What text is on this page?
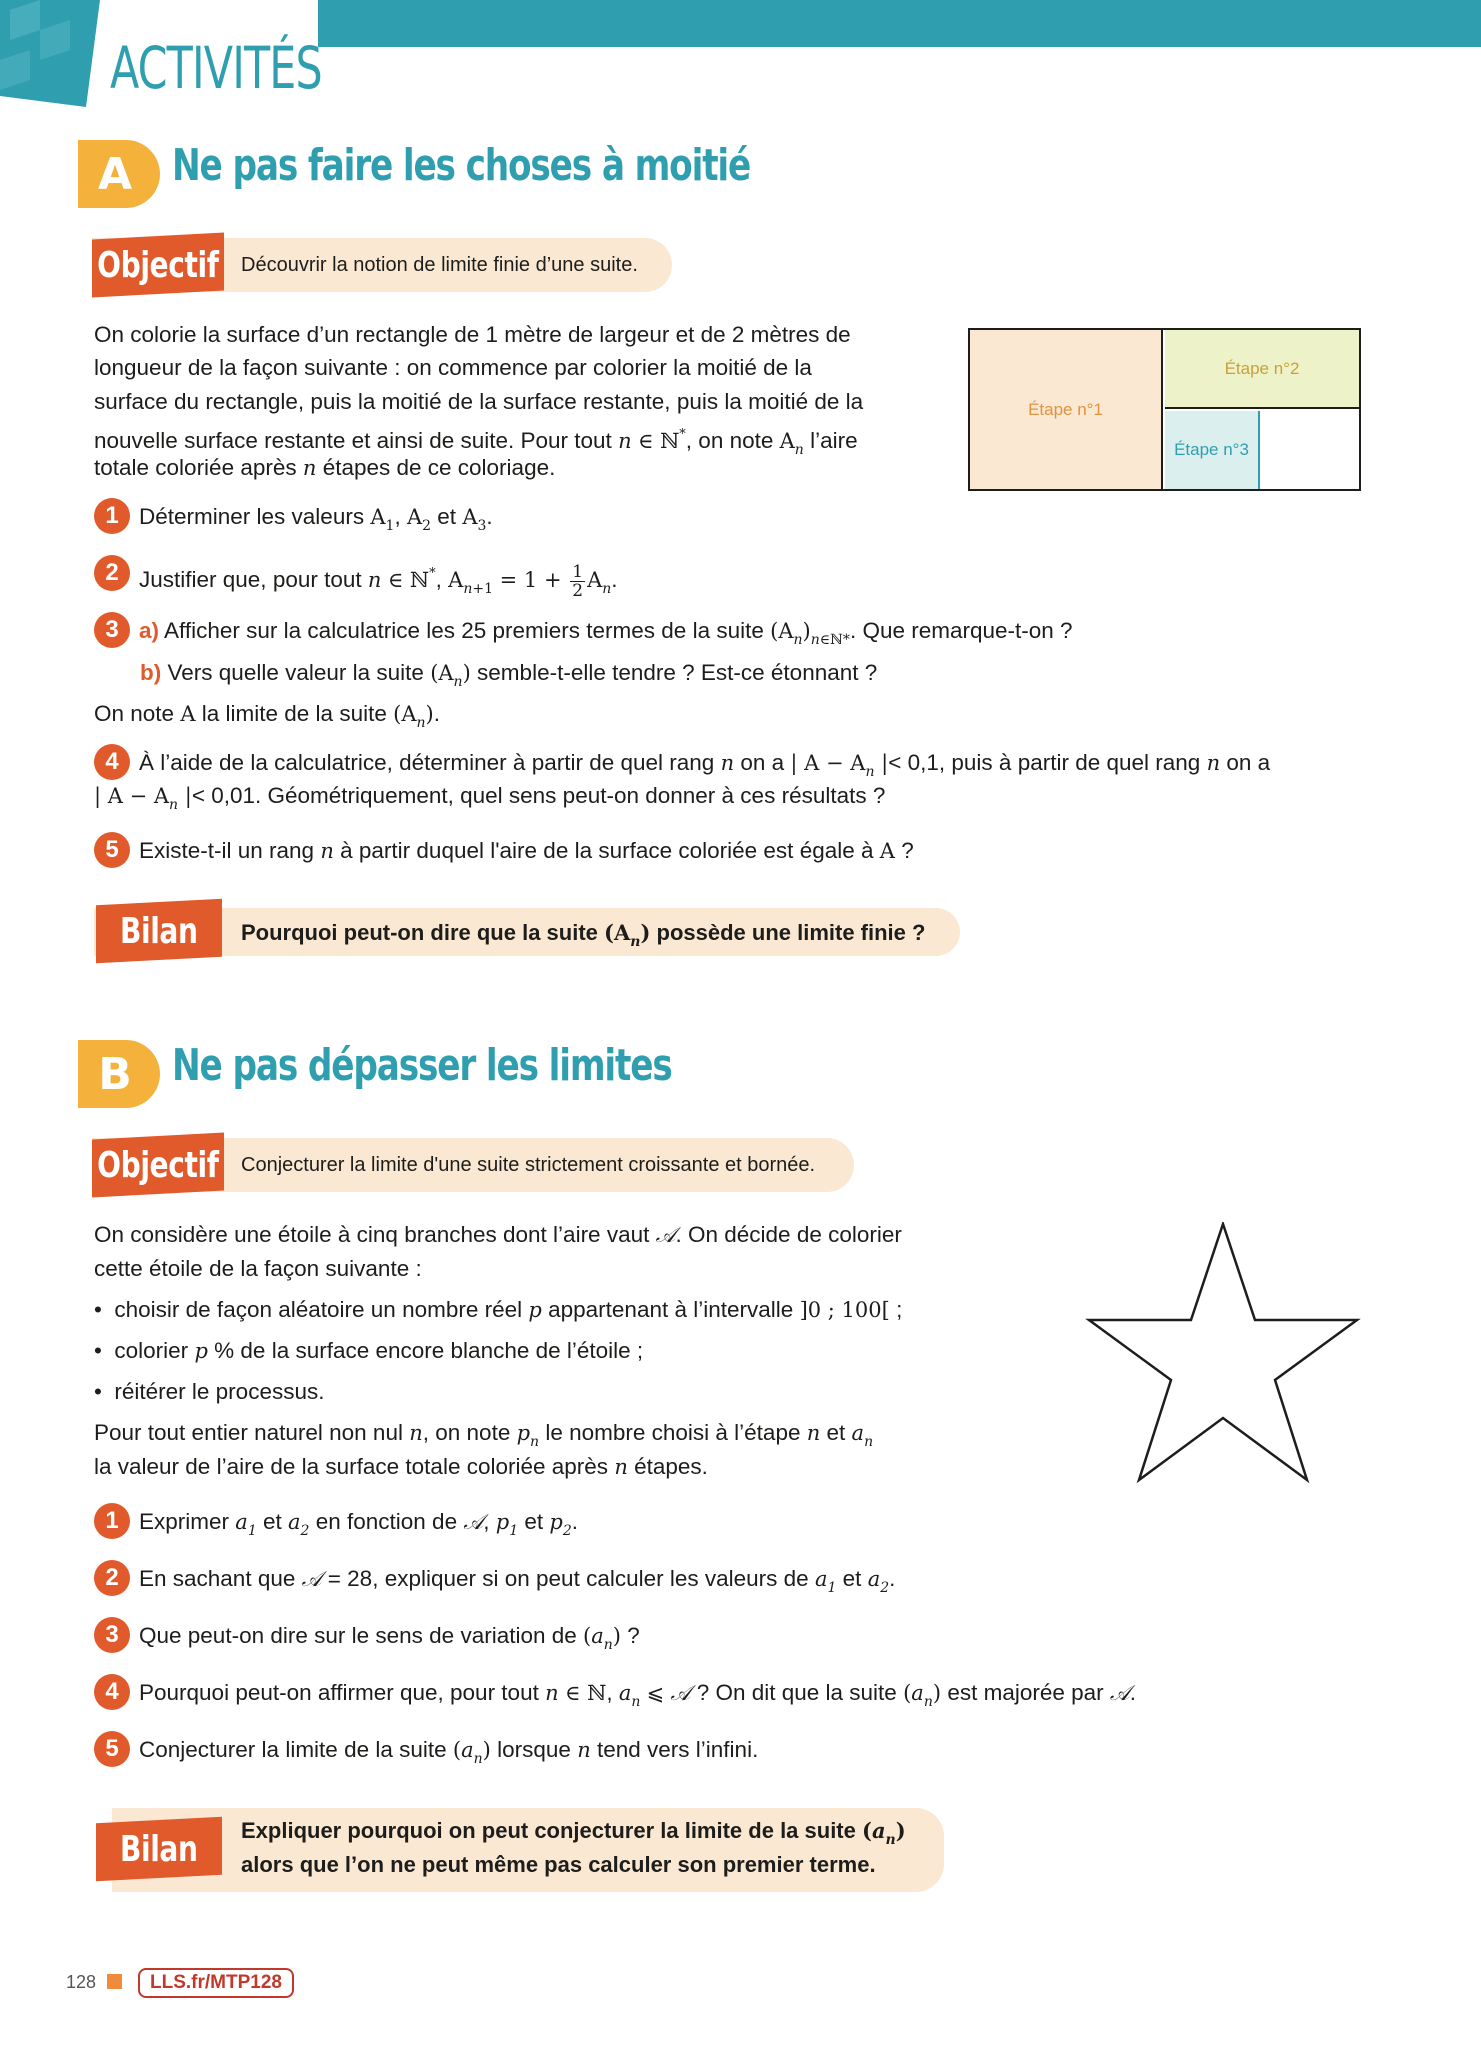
ACTIVITÉS
A Ne pas faire les choses à moitié
Objectif Découvrir la notion de limite finie d’une suite.
On colorie la surface d’un rectangle de 1 mètre de largeur et de 2 mètres de
longueur de la façon suivante : on commence par colorier la moitié de la
surface du rectangle, puis la moitié de la surface restante, puis la moitié de la
nouvelle surface restante et ainsi de suite. Pour tout n ∈ ℕ*, on note $A_n$ l’aire
totale coloriée après n étapes de ce coloriage.
Étape n°1
Étape n°2
Étape n°3
1 Déterminer les valeurs $A_1$, $A_2$ et $A_3$.
2 Justifier que, pour tout n ∈ ℕ*, $A_{n+1} = 1 + \frac{1}{2} A_n$.
3 a) Afficher sur la calculatrice les 25 premiers termes de la suite $(A_n)_{n\in ℕ*}$. Que remarque-t-on ?
b) Vers quelle valeur la suite $(A_n)$ semble-t-elle tendre ? Est-ce étonnant ?
On note A la limite de la suite $(A_n)$.
4 À l’aide de la calculatrice, déterminer à partir de quel rang n on a | $A - A_n$ |< 0,1, puis à partir de quel rang n on a
| $A - A_n$ |< 0,01. Géométriquement, quel sens peut-on donner à ces résultats ?
5 Existe-t-il un rang n à partir duquel l'aire de la surface coloriée est égale à A ?
Bilan Pourquoi peut-on dire que la suite $(A_n)$ possède une limite finie ?
B Ne pas dépasser les limites
Objectif Conjecturer la limite d'une suite strictement croissante et bornée.
On considère une étoile à cinq branches dont l’aire vaut 𝒜. On décide de colorier
cette étoile de la façon suivante :
•  choisir de façon aléatoire un nombre réel p appartenant à l’intervalle ]0 ; 100[ ;
•  colorier p % de la surface encore blanche de l’étoile ;
•  réitérer le processus.
Pour tout entier naturel non nul n, on note $p_n$ le nombre choisi à l’étape n et $a_n$
la valeur de l’aire de la surface totale coloriée après n étapes.
1 Exprimer $a_1$ et $a_2$ en fonction de 𝒜, $p_1$ et $p_2$.
2 En sachant que 𝒜 = 28, expliquer si on peut calculer les valeurs de $a_1$ et $a_2$.
3 Que peut-on dire sur le sens de variation de $(a_n)$ ?
4 Pourquoi peut-on affirmer que, pour tout n ∈ ℕ, $a_n$ ⩽ 𝒜 ? On dit que la suite $(a_n)$ est majorée par 𝒜.
5 Conjecturer la limite de la suite $(a_n)$ lorsque n tend vers l’infini.
Bilan Expliquer pourquoi on peut conjecturer la limite de la suite $(a_n)$
alors que l’on ne peut même pas calculer son premier terme.
128	LLS.fr/MTP128
